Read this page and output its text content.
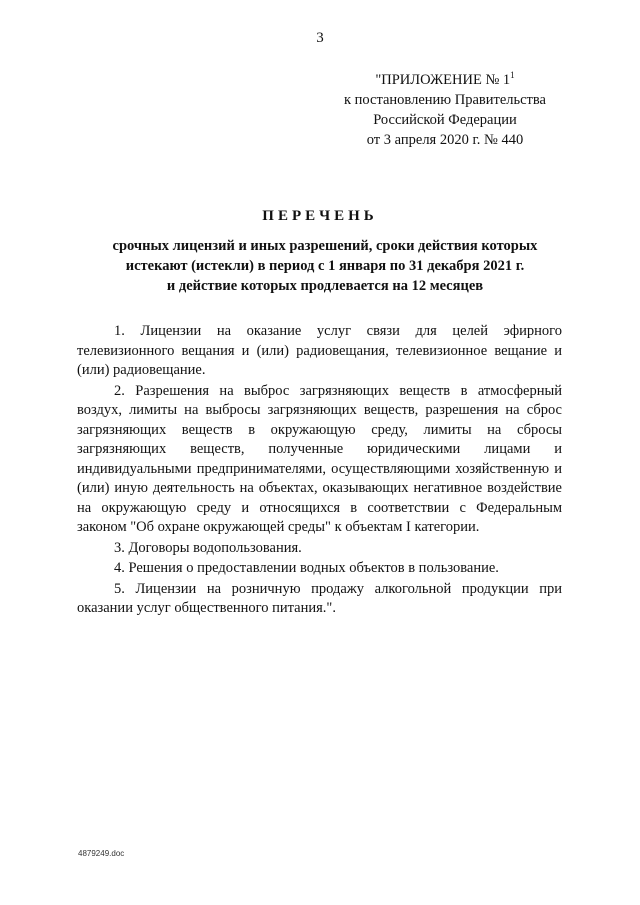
3
"ПРИЛОЖЕНИЕ № $1^1$
к постановлению Правительства
Российской Федерации
от 3 апреля 2020 г. № 440
ПЕРЕЧЕНЬ
срочных лицензий и иных разрешений, сроки действия которых
истекают (истекли) в период с 1 января по 31 декабря 2021 г.
и действие которых продлевается на 12 месяцев

1. Лицензии на оказание услуг связи для целей эфирного телевизионного вещания и (или) радиовещания, телевизионное вещание и (или) радиовещание.

2. Разрешения на выброс загрязняющих веществ в атмосферный воздух, лимиты на выбросы загрязняющих веществ, разрешения на сброс загрязняющих веществ в окружающую среду, лимиты на сбросы загрязняющих веществ, полученные юридическими лицами и индивидуальными предпринимателями, осуществляющими хозяйственную и (или) иную деятельность на объектах, оказывающих негативное воздействие на окружающую среду и относящихся в соответствии с Федеральным законом "Об охране окружающей среды" к объектам I категории.

3. Договоры водопользования.

4. Решения о предоставлении водных объектов в пользование.

5. Лицензии на розничную продажу алкогольной продукции при оказании услуг общественного питания.".

4879249.doc
